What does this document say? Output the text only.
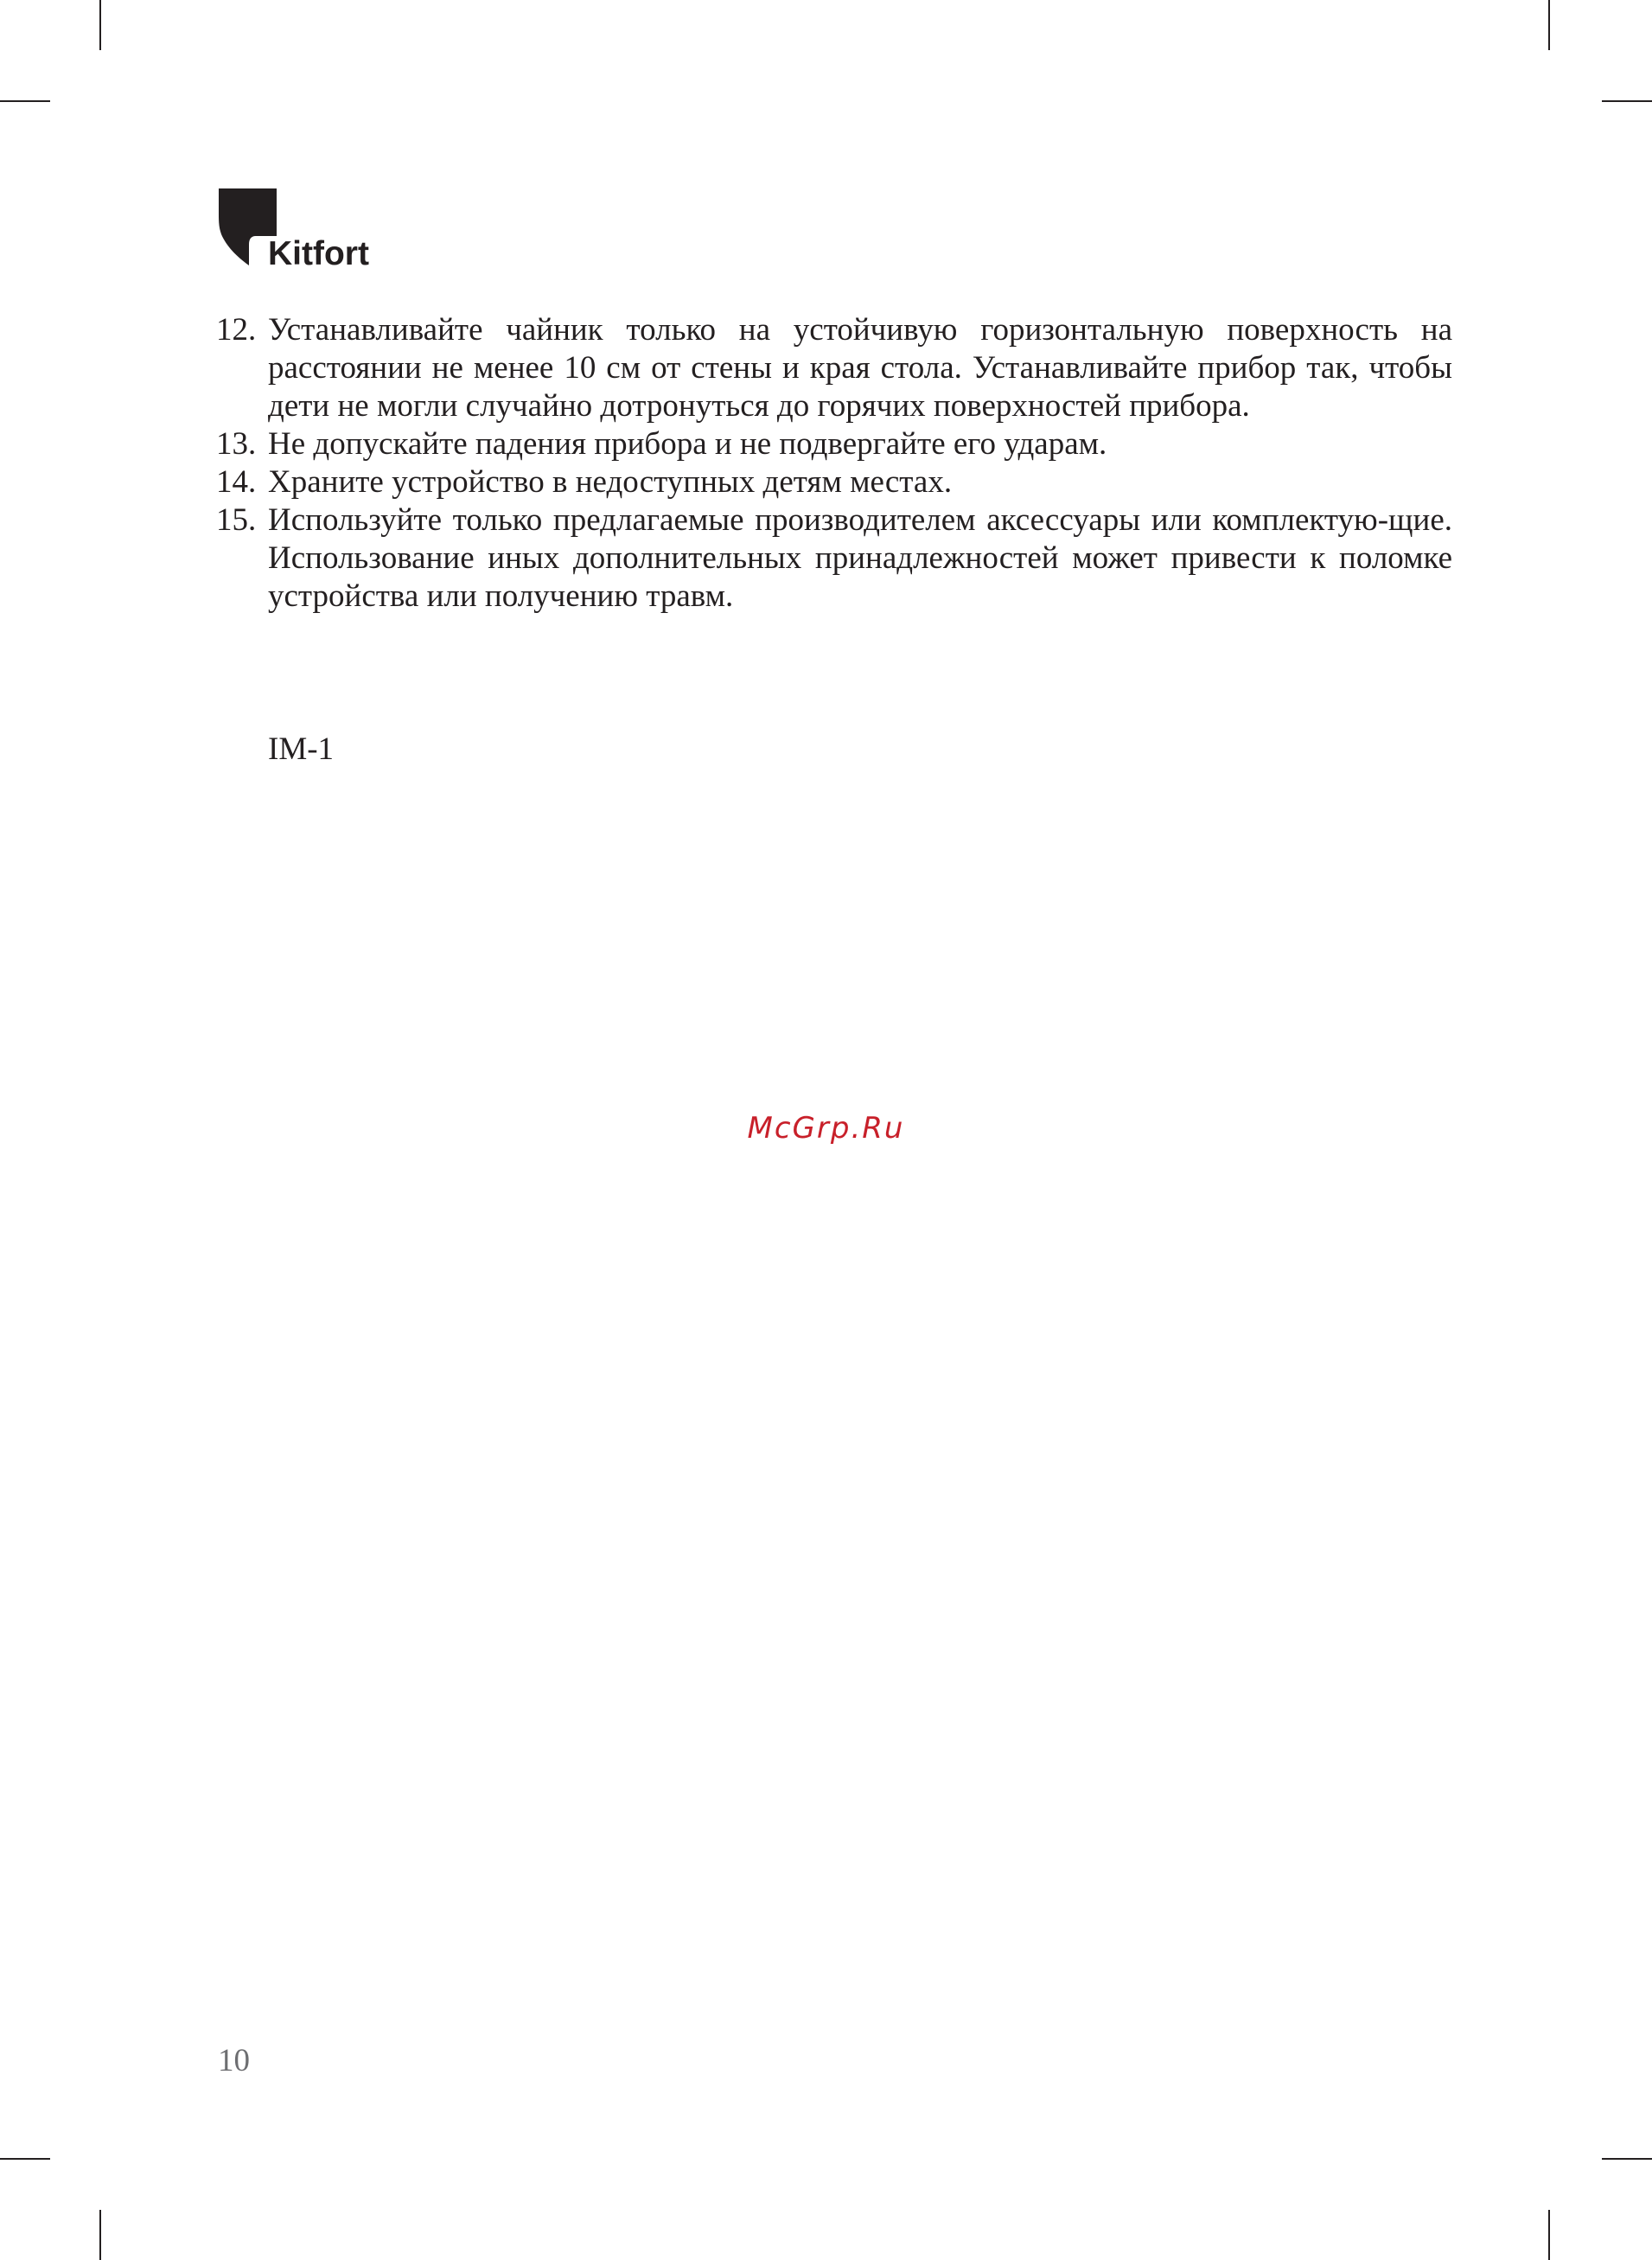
Kitfort
12. Устанавливайте чайник только на устойчивую горизонтальную поверхность на расстоянии не менее 10 см от стены и края стола. Устанавливайте прибор так, чтобы дети не могли случайно дотронуться до горячих поверхностей прибора.
13. Не допускайте падения прибора и не подвергайте его ударам.
14. Храните устройство в недоступных детям местах.
15. Используйте только предлагаемые производителем аксессуары или комплектую-щие. Использование иных дополнительных принадлежностей может привести к поломке устройства или получению травм.
IM-1
McGrp.Ru
10
